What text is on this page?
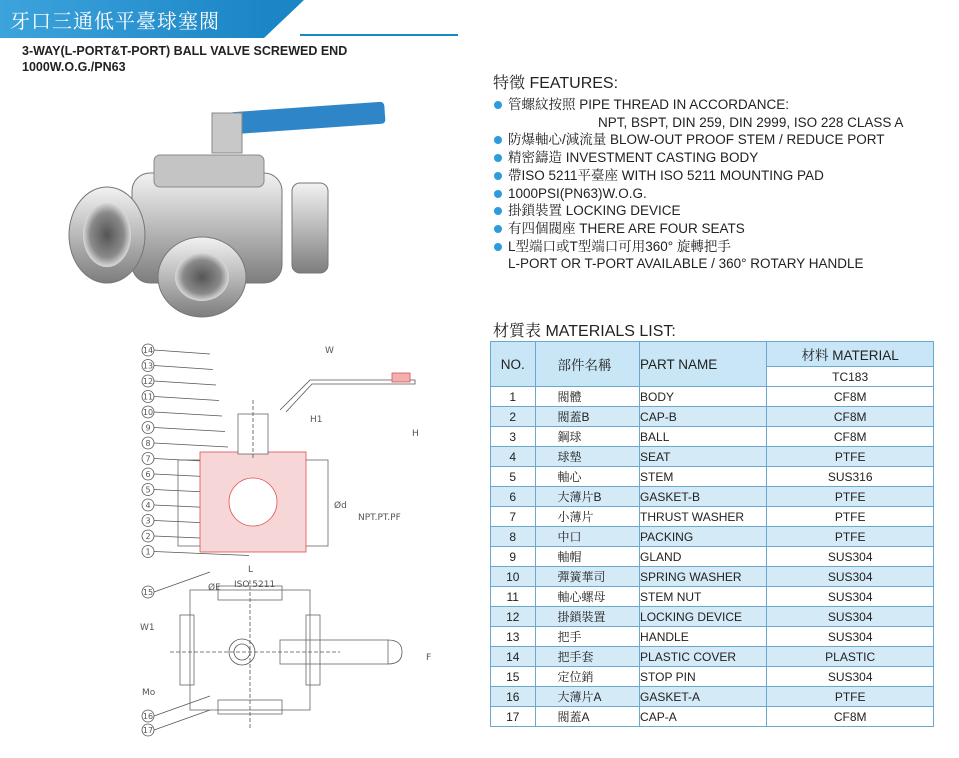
牙口三通低平臺球塞閥
3-WAY(L-PORT&T-PORT) BALL VALVE SCREWED END
1000W.O.G./PN63
特徵 FEATURES:
管螺紋按照 PIPE THREAD IN ACCORDANCE:
NPT, BSPT, DIN 259, DIN 2999, ISO 228 CLASS A
防爆軸心/減流量 BLOW-OUT PROOF STEM / REDUCE PORT
精密鑄造 INVESTMENT CASTING BODY
帶ISO 5211平臺座 WITH ISO 5211 MOUNTING PAD
1000PSI(PN63)W.O.G.
掛鎖裝置 LOCKING DEVICE
有四個閥座 THERE ARE FOUR SEATS
L型端口或T型端口可用360° 旋轉把手
L-PORT OR T-PORT AVAILABLE / 360° ROTARY HANDLE
材質表 MATERIALS LIST:
NO.	部件名稱	PART NAME	材料 MATERIAL
			TC183
1	閥體	BODY	CF8M
2	閥蓋B	CAP-B	CF8M
3	鋼球	BALL	CF8M
4	球墊	SEAT	PTFE
5	軸心	STEM	SUS316
6	大薄片B	GASKET-B	PTFE
7	小薄片	THRUST WASHER	PTFE
8	中口	PACKING	PTFE
9	軸帽	GLAND	SUS304
10	彈簧華司	SPRING WASHER	SUS304
11	軸心螺母	STEM NUT	SUS304
12	掛鎖裝置	LOCKING DEVICE	SUS304
13	把手	HANDLE	SUS304
14	把手套	PLASTIC COVER	PLASTIC
15	定位銷	STOP PIN	SUS304
16	大薄片A	GASKET-A	PTFE
17	閥蓋A	CAP-A	CF8M
14
13
12
11
10
9
8
7
6
5
4
3
2
1
15
16
17
W
H1
H
L
Ød
NPT.PT.PF
ISO 5211
W1
ØE
F
Mo
